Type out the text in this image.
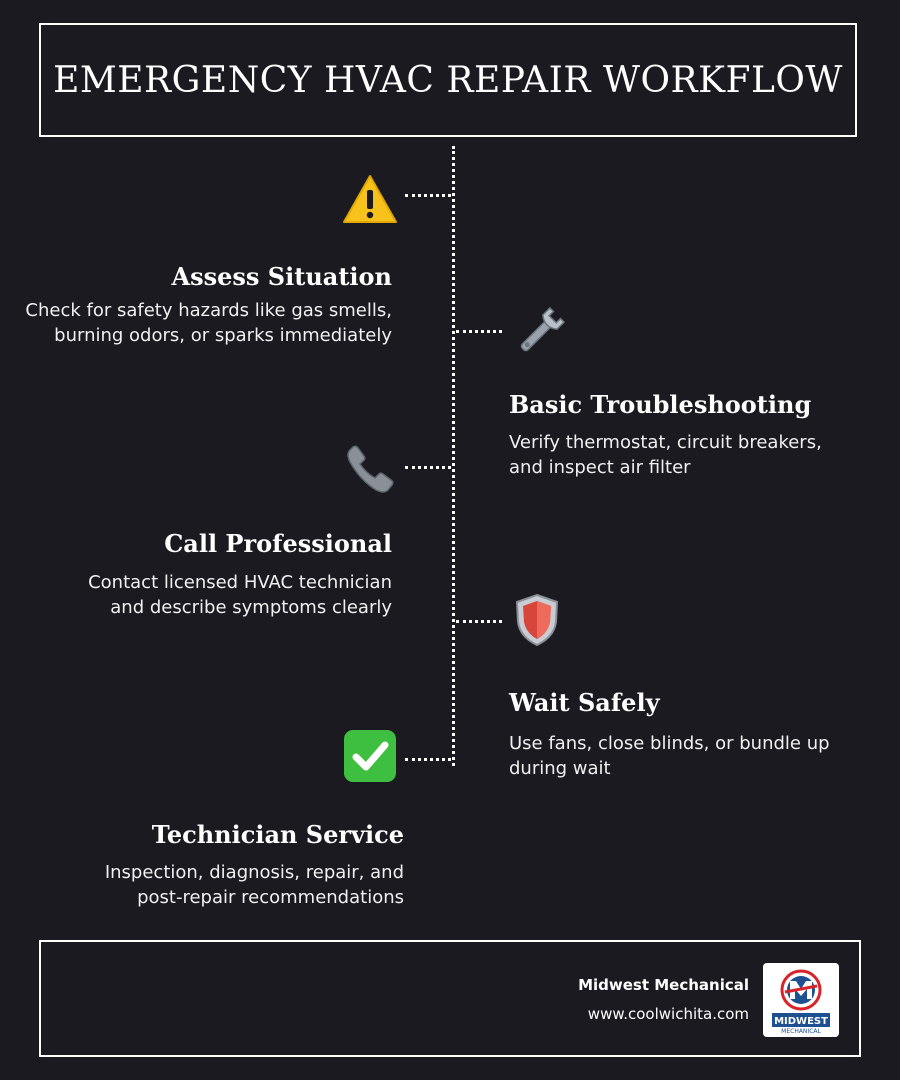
EMERGENCY HVAC REPAIR WORKFLOW
Assess Situation
Check for safety hazards like gas smells,
burning odors, or sparks immediately
Basic Troubleshooting
Verify thermostat, circuit breakers,
and inspect air filter
Call Professional
Contact licensed HVAC technician
and describe symptoms clearly
Wait Safely
Use fans, close blinds, or bundle up
during wait
Technician Service
Inspection, diagnosis, repair, and
post-repair recommendations
Midwest Mechanical
www.coolwichita.com	MIDWEST
MECHANICAL
